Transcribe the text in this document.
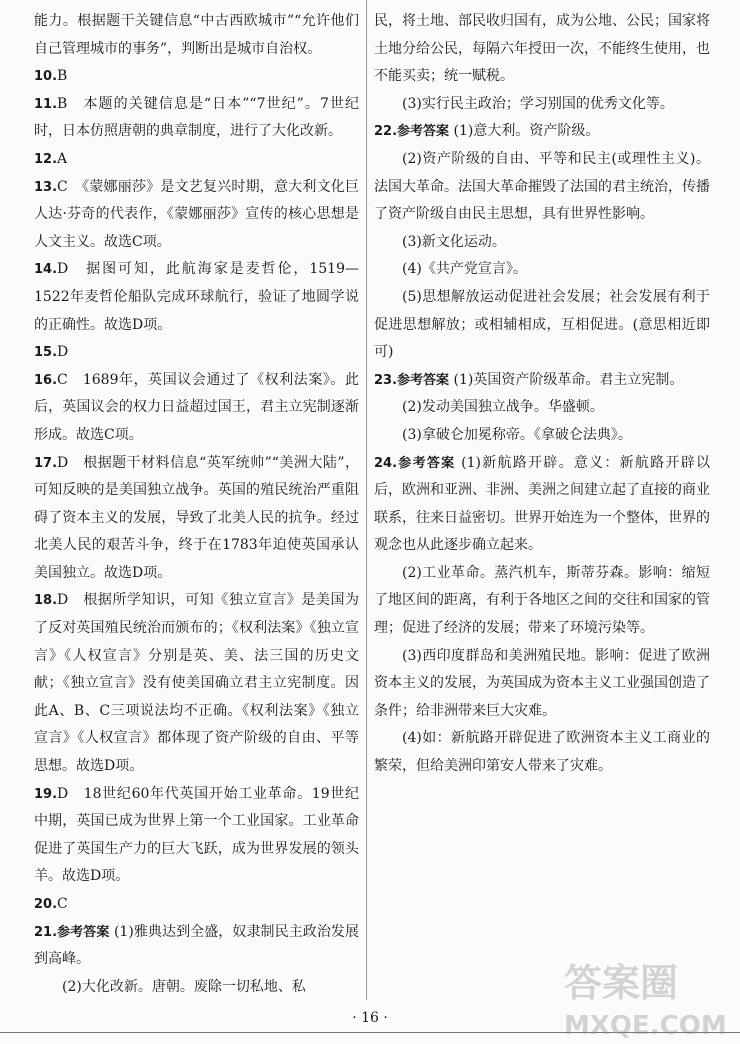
能力。根据题干关键信息“中古西欧城市”“允许他们自己管理城市的事务”，判断出是城市自治权。

10.B

11.B　本题的关键信息是“日本”“7世纪”。7世纪时，日本仿照唐朝的典章制度，进行了大化改新。

12.A

13.C　《蒙娜丽莎》是文艺复兴时期，意大利文化巨人达·芬奇的代表作，《蒙娜丽莎》宣传的核心思想是人文主义。故选C项。

14.D　据图可知，此航海家是麦哲伦，1519—1522年麦哲伦船队完成环球航行，验证了地圆学说的正确性。故选D项。

15.D

16.C　1689年，英国议会通过了《权利法案》。此后，英国议会的权力日益超过国王，君主立宪制逐渐形成。故选C项。

17.D　根据题干材料信息“英军统帅”“美洲大陆”，可知反映的是美国独立战争。英国的殖民统治严重阻碍了资本主义的发展，导致了北美人民的抗争。经过北美人民的艰苦斗争，终于在1783年迫使英国承认美国独立。故选D项。

18.D　根据所学知识，可知《独立宣言》是美国为了反对英国殖民统治而颁布的；《权利法案》《独立宣言》《人权宣言》分别是英、美、法三国的历史文献；《独立宣言》没有使美国确立君主立宪制度。因此A、B、C三项说法均不正确。《权利法案》《独立宣言》《人权宣言》都体现了资产阶级的自由、平等思想。故选D项。

19.D　18世纪60年代英国开始工业革命。19世纪中期，英国已成为世界上第一个工业国家。工业革命促进了英国生产力的巨大飞跃，成为世界发展的领头羊。故选D项。

20.C

21.参考答案 (1)雅典达到全盛，奴隶制民主政治发展到高峰。

(2)大化改新。唐朝。废除一切私地、私

民，将土地、部民收归国有，成为公地、公民；国家将土地分给公民，每隔六年授田一次，不能终生使用，也不能买卖；统一赋税。

(3)实行民主政治；学习别国的优秀文化等。

22.参考答案 (1)意大利。资产阶级。

(2)资产阶级的自由、平等和民主(或理性主义)。法国大革命。法国大革命摧毁了法国的君主统治，传播了资产阶级自由民主思想，具有世界性影响。

(3)新文化运动。

(4)《共产党宣言》。

(5)思想解放运动促进社会发展；社会发展有利于促进思想解放；或相辅相成，互相促进。(意思相近即可)

23.参考答案 (1)英国资产阶级革命。君主立宪制。

(2)发动美国独立战争。华盛顿。

(3)拿破仑加冕称帝。《拿破仑法典》。

24.参考答案 (1)新航路开辟。意义：新航路开辟以后，欧洲和亚洲、非洲、美洲之间建立起了直接的商业联系，往来日益密切。世界开始连为一个整体，世界的观念也从此逐步确立起来。

(2)工业革命。蒸汽机车，斯蒂芬森。影响：缩短了地区间的距离，有利于各地区之间的交往和国家的管理；促进了经济的发展；带来了环境污染等。

(3)西印度群岛和美洲殖民地。影响：促进了欧洲资本主义的发展，为英国成为资本主义工业强国创造了条件；给非洲带来巨大灾难。

(4)如：新航路开辟促进了欧洲资本主义工商业的繁荣，但给美洲印第安人带来了灾难。

· 16 ·
答案圈
MXQE.COM
